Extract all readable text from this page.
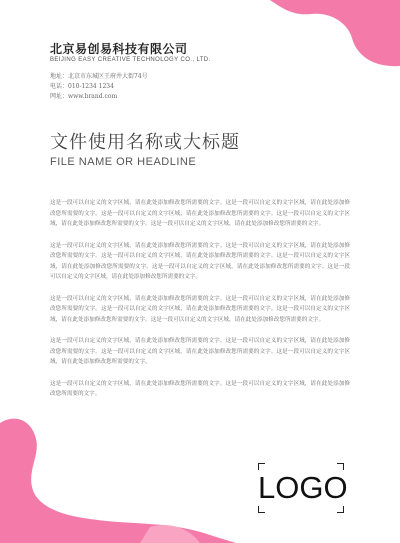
北京易创易科技有限公司
BEIJING EASY CREATIVE TECHNOLOGY CO., LTD.
地址：北京市东城区王府井大街74号
电话：010-1234 1234
网址：www.brand.com
文件使用名称或大标题
FILE NAME OR HEADLINE

这是一段可以自定义的文字区域，请在此处添加修改您所需要的文字。这是一段可以自定义的文字区域，请在此处添加修改您所需要的文字。这是一段可以自定义的文字区域，请在此处添加修改您所需要的文字。这是一段可以自定义的文字区域，请在此处添加修改您所需要的文字。这是一段可以自定义的文字区域，请在此处添加修改您所需要的文字。

这是一段可以自定义的文字区域，请在此处添加修改您所需要的文字。这是一段可以自定义的文字区域，请在此处添加修改您所需要的文字。这是一段可以自定义的文字区域，请在此处添加修改您所需要的文字。这是一段可以自定义的文字区域，请在此处添加修改您所需要的文字。这是一段可以自定义的文字区域，请在此处添加修改您所需要的文字。这是一段可以自定义的文字区域，请在此处添加修改您所需要的文字。

这是一段可以自定义的文字区域，请在此处添加修改您所需要的文字。这是一段可以自定义的文字区域，请在此处添加修改您所需要的文字。这是一段可以自定义的文字区域，请在此处添加修改您所需要的文字。这是一段可以自定义的文字区域，请在此处添加修改您所需要的文字。这是一段可以自定义的文字区域，请在此处添加修改您所需要的文字。

这是一段可以自定义的文字区域，请在此处添加修改您所需要的文字。这是一段可以自定义的文字区域，请在此处添加修改您所需要的文字。这是一段可以自定义的文字区域，请在此处添加修改您所需要的文字。这是一段可以自定义的文字区域，请在此处添加修改您所需要的文字。

这是一段可以自定义的文字区域，请在此处添加修改您所需要的文字。这是一段可以自定义的文字区域，请在此处添加修改您所需要的文字。

LOGO
